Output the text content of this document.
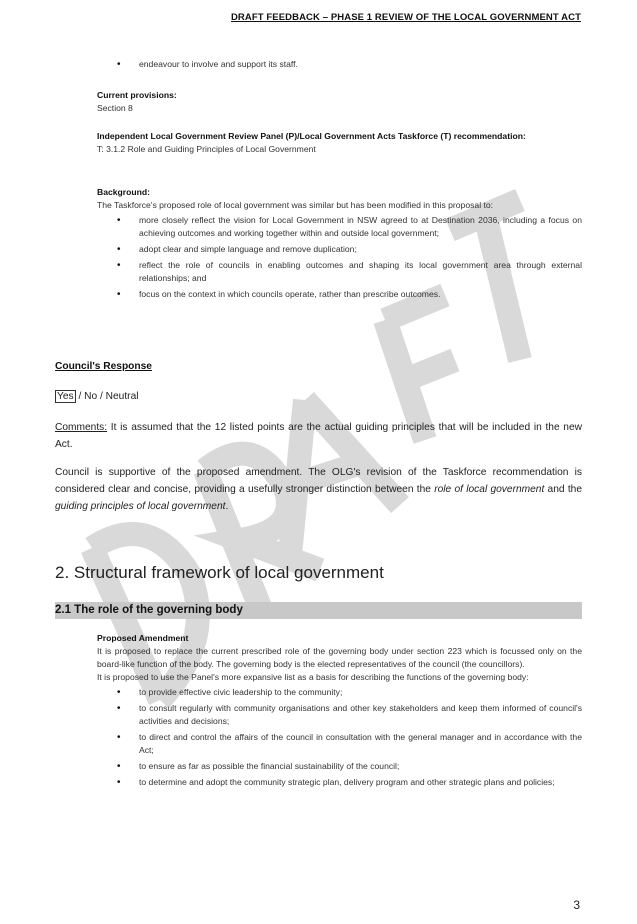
DRAFT FEEDBACK – PHASE 1 REVIEW OF THE LOCAL GOVERNMENT ACT
• endeavour to involve and support its staff.
Current provisions:
Section 8
Independent Local Government Review Panel (P)/Local Government Acts Taskforce (T) recommendation:
T: 3.1.2 Role and Guiding Principles of Local Government
Background:
The Taskforce's proposed role of local government was similar but has been modified in this proposal to:
• more closely reflect the vision for Local Government in NSW agreed to at Destination 2036, including a focus on achieving outcomes and working together within and outside local government;
• adopt clear and simple language and remove duplication;
• reflect the role of councils in enabling outcomes and shaping its local government area through external relationships; and
• focus on the context in which councils operate, rather than prescribe outcomes.
Council's Response
Yes / No / Neutral
Comments: It is assumed that the 12 listed points are the actual guiding principles that will be included in the new Act.
Council is supportive of the proposed amendment. The OLG's revision of the Taskforce recommendation is considered clear and concise, providing a usefully stronger distinction between the role of local government and the guiding principles of local government.
2. Structural framework of local government
2.1 The role of the governing body
Proposed Amendment
It is proposed to replace the current prescribed role of the governing body under section 223 which is focussed only on the board-like function of the body. The governing body is the elected representatives of the council (the councillors).
It is proposed to use the Panel's more expansive list as a basis for describing the functions of the governing body:
• to provide effective civic leadership to the community;
• to consult regularly with community organisations and other key stakeholders and keep them informed of council's activities and decisions;
• to direct and control the affairs of the council in consultation with the general manager and in accordance with the Act;
• to ensure as far as possible the financial sustainability of the council;
• to determine and adopt the community strategic plan, delivery program and other strategic plans and policies;
3
